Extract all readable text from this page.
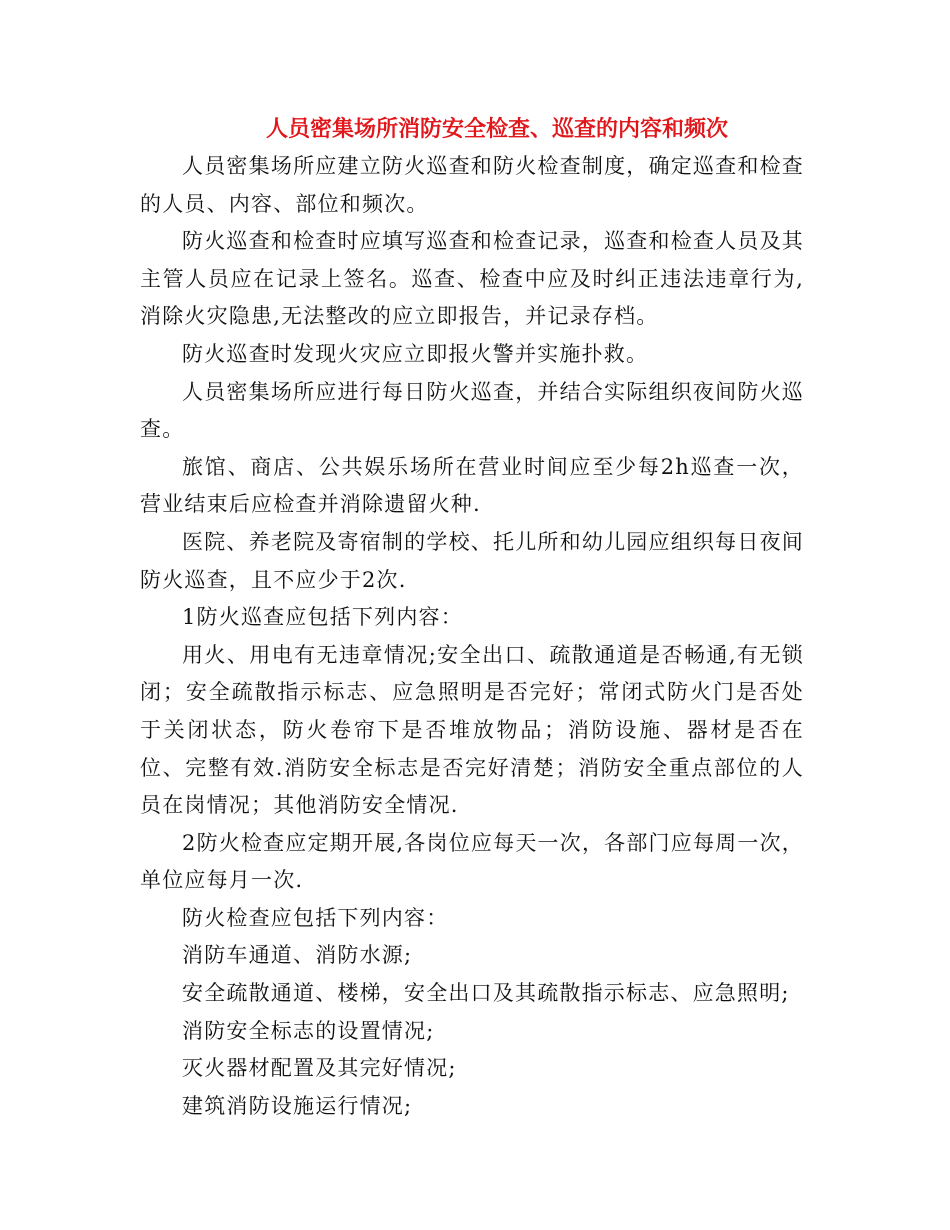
人员密集场所消防安全检查、巡查的内容和频次

人员密集场所应建立防火巡查和防火检查制度，确定巡查和检查的人员、内容、部位和频次。

防火巡查和检查时应填写巡查和检查记录，巡查和检查人员及其主管人员应在记录上签名。巡查、检查中应及时纠正违法违章行为,消除火灾隐患,无法整改的应立即报告，并记录存档。

防火巡查时发现火灾应立即报火警并实施扑救。

人员密集场所应进行每日防火巡查，并结合实际组织夜间防火巡查。

旅馆、商店、公共娱乐场所在营业时间应至少每2h巡查一次，营业结束后应检查并消除遗留火种.

医院、养老院及寄宿制的学校、托儿所和幼儿园应组织每日夜间防火巡查，且不应少于2次.

1防火巡查应包括下列内容：

用火、用电有无违章情况;安全出口、疏散通道是否畅通,有无锁闭；安全疏散指示标志、应急照明是否完好；常闭式防火门是否处于关闭状态，防火卷帘下是否堆放物品；消防设施、器材是否在位、完整有效.消防安全标志是否完好清楚；消防安全重点部位的人员在岗情况；其他消防安全情况.

2防火检查应定期开展,各岗位应每天一次，各部门应每周一次，单位应每月一次.

防火检查应包括下列内容：

消防车通道、消防水源;

安全疏散通道、楼梯，安全出口及其疏散指示标志、应急照明;

消防安全标志的设置情况;

灭火器材配置及其完好情况;

建筑消防设施运行情况;
